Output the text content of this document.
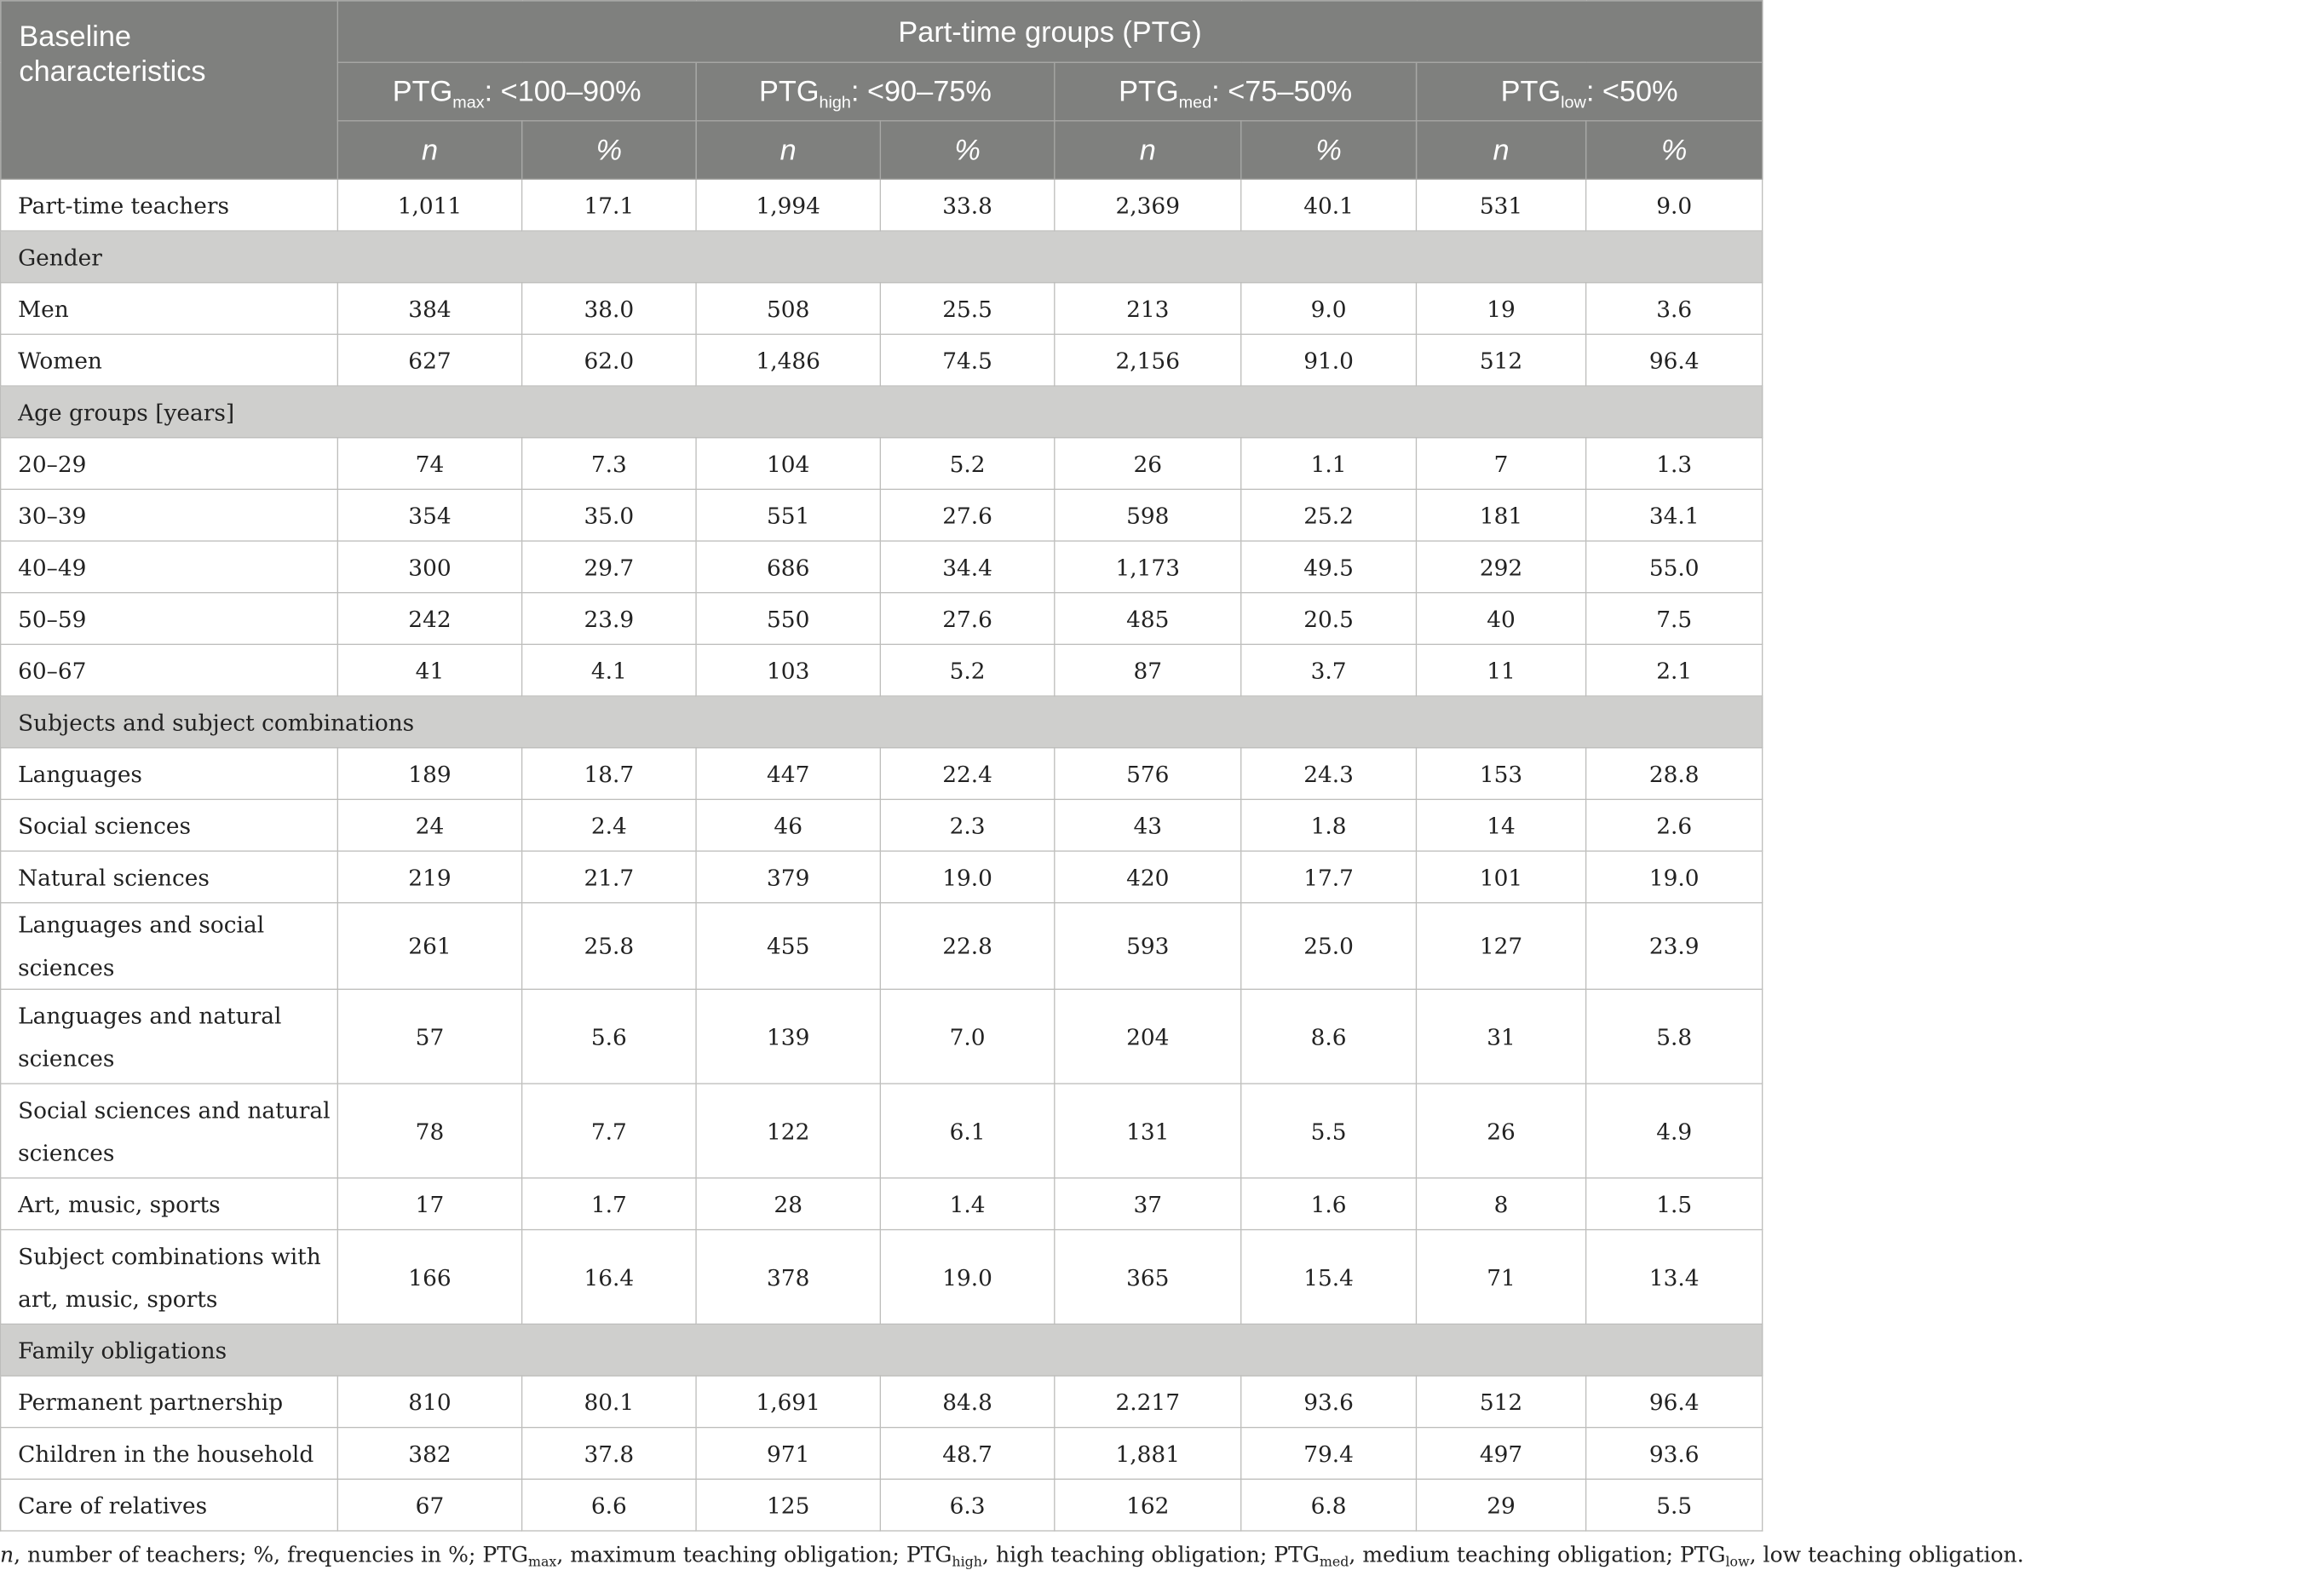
Baseline characteristics	Part-time groups (PTG)							
	$PTG_{max}$: <100–90%		$PTG_{high}$: <90–75%		$PTG_{med}$: <75–50%		$PTG_{low}$: <50%	
	n	%	n	%	n	%	n	%
Part-time teachers	1,011	17.1	1,994	33.8	2,369	40.1	531	9.0
Gender								
Men	384	38.0	508	25.5	213	9.0	19	3.6
Women	627	62.0	1,486	74.5	2,156	91.0	512	96.4
Age groups [years]								
20–29	74	7.3	104	5.2	26	1.1	7	1.3
30–39	354	35.0	551	27.6	598	25.2	181	34.1
40–49	300	29.7	686	34.4	1,173	49.5	292	55.0
50–59	242	23.9	550	27.6	485	20.5	40	7.5
60–67	41	4.1	103	5.2	87	3.7	11	2.1
Subjects and subject combinations								
Languages	189	18.7	447	22.4	576	24.3	153	28.8
Social sciences	24	2.4	46	2.3	43	1.8	14	2.6
Natural sciences	219	21.7	379	19.0	420	17.7	101	19.0
Languages and social sciences	261	25.8	455	22.8	593	25.0	127	23.9
Languages and natural sciences	57	5.6	139	7.0	204	8.6	31	5.8
Social sciences and natural sciences	78	7.7	122	6.1	131	5.5	26	4.9
Art, music, sports	17	1.7	28	1.4	37	1.6	8	1.5
Subject combinations with art, music, sports	166	16.4	378	19.0	365	15.4	71	13.4
Family obligations								
Permanent partnership	810	80.1	1,691	84.8	2.217	93.6	512	96.4
Children in the household	382	37.8	971	48.7	1,881	79.4	497	93.6
Care of relatives	67	6.6	125	6.3	162	6.8	29	5.5
n, number of teachers; %, frequencies in %; $PTG_{max}$, maximum teaching obligation; $PTG_{high}$, high teaching obligation; $PTG_{med}$, medium teaching obligation; $PTG_{low}$, low teaching obligation.
